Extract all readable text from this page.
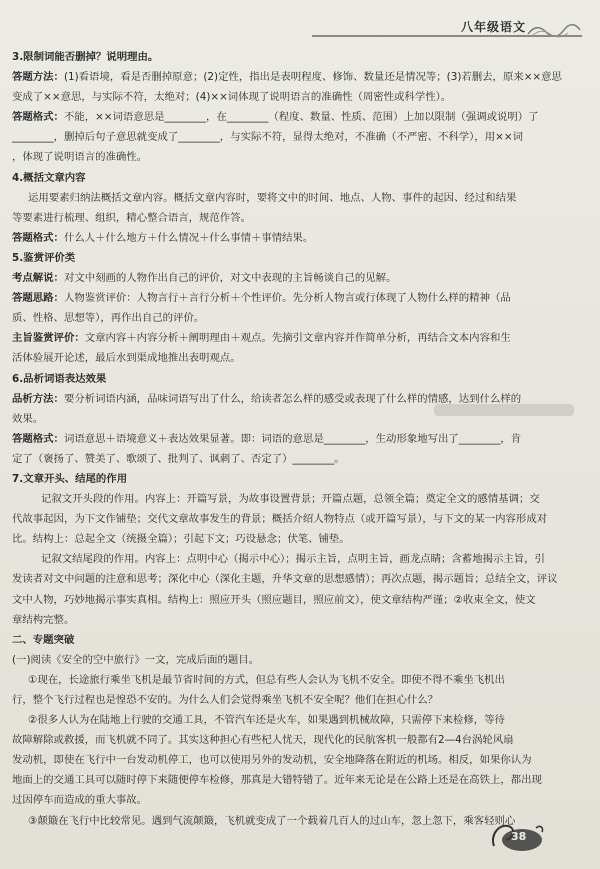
八年级语文
3.限制词能否删掉？说明理由。
答题方法：(1)看语境，看是否删掉原意；(2)定性，指出是表明程度、修饰、数量还是情况等；(3)若删去，原来××意思
变成了××意思，与实际不符，太绝对；(4)××词体现了说明语言的准确性（周密性或科学性）。
答题格式：不能，××词语意思是________，在________（程度、数量、性质、范围）上加以限制（强调或说明）了
________，删掉后句子意思就变成了________，与实际不符，显得太绝对，不准确（不严密、不科学），用××词
，体现了说明语言的准确性。
4.概括文章内容
运用要素归纳法概括文章内容。概括文章内容时，要将文中的时间、地点、人物、事件的起因、经过和结果
等要素进行梳理、组织，精心整合语言，规范作答。
答题格式：什么人＋什么地方＋什么情况＋什么事情＋事情结果。
5.鉴赏评价类
考点解说：对文中刻画的人物作出自己的评价，对文中表现的主旨畅谈自己的见解。
答题思路：人物鉴赏评价：人物言行＋言行分析＋个性评价。先分析人物言或行体现了人物什么样的精神（品
质、性格、思想等），再作出自己的评价。
主旨鉴赏评价：文章内容＋内容分析＋阐明理由＋观点。先摘引文章内容并作简单分析，再结合文本内容和生
活体验展开论述，最后水到渠成地推出表明观点。
6.品析词语表达效果
品析方法：要分析词语内涵，品味词语写出了什么，给读者怎么样的感受或表现了什么样的情感，达到什么样的
效果。
答题格式：词语意思＋语境意义＋表达效果显著。即：词语的意思是________，生动形象地写出了________，肯
定了（褒扬了、赞美了、歌颂了、批判了、讽刺了、否定了）________。
7.文章开头、结尾的作用
记叙文开头段的作用。内容上：开篇写景，为故事设置背景；开篇点题，总领全篇；奠定全文的感情基调；交
代故事起因，为下文作铺垫；交代文章故事发生的背景；概括介绍人物特点（或开篇写景），与下文的某一内容形成对
比。结构上：总起全文（统摄全篇）；引起下文；巧设悬念；伏笔、铺垫。
记叙文结尾段的作用。内容上：点明中心（揭示中心）；揭示主旨，点明主旨，画龙点睛；含蓄地揭示主旨，引
发读者对文中问题的注意和思考；深化中心（深化主题，升华文章的思想感情）；再次点题，揭示题旨；总结全文，评议
文中人物，巧妙地揭示事实真相。结构上：照应开头（照应题目，照应前文），使文章结构严谨；②收束全文，使文
章结构完整。
二、专题突破
(一)阅读《安全的空中旅行》一文，完成后面的题目。
①现在，长途旅行乘坐飞机是最节省时间的方式，但总有些人会认为飞机不安全。即使不得不乘坐飞机出
行，整个飞行过程也是惶恐不安的。为什么人们会觉得乘坐飞机不安全呢？他们在担心什么？
②很多人认为在陆地上行驶的交通工具，不管汽车还是火车，如果遇到机械故障，只需停下来检修，等待
故障解除或救援，而飞机就不同了。其实这种担心有些杞人忧天，现代化的民航客机一般都有2—4台涡轮风扇
发动机，即使在飞行中一台发动机停工，也可以使用另外的发动机，安全地降落在附近的机场。相反，如果你认为
地面上的交通工具可以随时停下来随便停车检修，那真是大错特错了。近年来无论是在公路上还是在高铁上，都出现
过因停车而造成的重大事故。
③颠簸在飞行中比较常见。遇到气流颠簸，飞机就变成了一个载着几百人的过山车，忽上忽下，乘客轻则心
38
